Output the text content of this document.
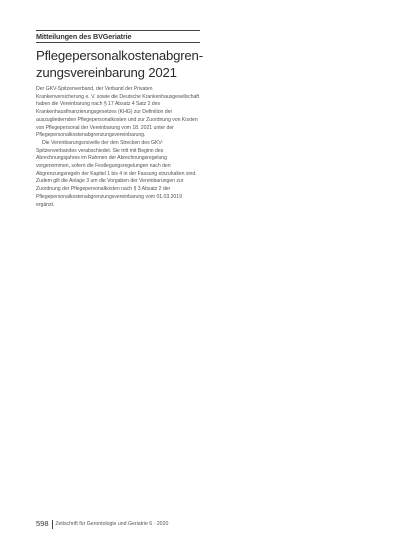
Mitteilungen des BVGeriatrie
Pflegepersonalkostenabgren-
zungsvereinbarung 2021

Der GKV-Spitzenverband, der Verband der Privaten Krankenversicherung e. V. sowie die Deutsche Krankenhausgesellschaft haben die Vereinbarung nach § 17 Absatz 4 Satz 2 des Krankenhausfinanzierungsgesetzes (KHG) zur Definition der auszugliedernden Pflegepersonalkosten und zur Zuordnung von Kosten von Pflegepersonal der Vereinbarung vom 18. 2021 unter der Pflegepersonalkostenabgrenzungsvereinbarung.

Die Vereinbarungsnovelle der den Strecken des GKV-Spitzenverbandes verabschiedet. Sie tritt mit Beginn des Abrechnungsjahres im Rahmen der Abrechnungsregelung vorgenommen, sofern die Festlegungsregelungen nach den Abgrenzungsregeln der Kapitel 1 bis 4 in der Fassung einzuhalten sind. Zudem gilt die Anlage 3 um die Vorgaben der Vereinbarungen zur Zuordnung der Pflegepersonalkosten nach § 3 Absatz 2 der Pflegepersonalkostenabgrenzungsvereinbarung vom 01.03.2019 ergänzt.

598 Zeitschrift für Gerontologie und Geriatrie 6 · 2020
